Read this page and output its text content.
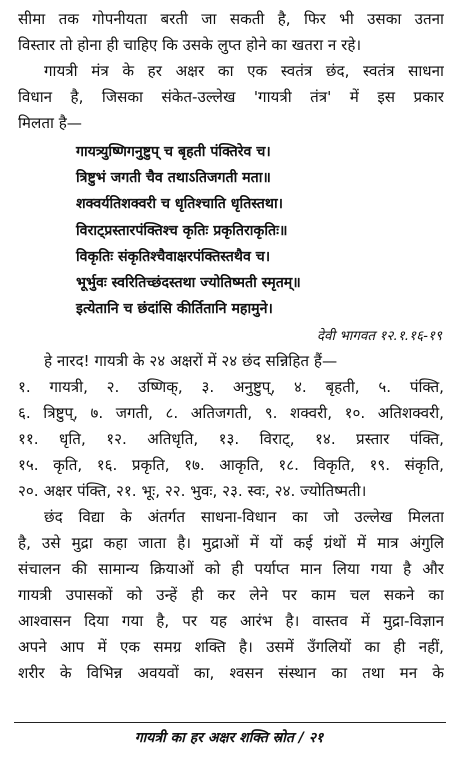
सीमा तक गोपनीयता बरती जा सकती है, फिर भी उसका उतना
विस्तार तो होना ही चाहिए कि उसके लुप्त होने का खतरा न रहे।
गायत्री मंत्र के हर अक्षर का एक स्वतंत्र छंद, स्वतंत्र साधना
विधान है, जिसका संकेत-उल्लेख 'गायत्री तंत्र' में इस प्रकार
मिलता है—
गायत्र्युष्णिगनुष्टुप् च बृहती पंक्तिरेव च।
त्रिष्टुभं जगती चैव तथाऽतिजगती मता॥
शक्वर्यतिशक्वरी च धृतिश्चाति धृतिस्तथा।
विराट्प्रस्तारपंक्तिश्च कृतिः प्रकृतिराकृतिः॥
विकृतिः संकृतिश्चैवाक्षरपंक्तिस्तथैव च।
भूर्भुवः स्वरितिच्छंदस्तथा ज्योतिष्मती स्मृतम्॥
इत्येतानि च छंदांसि कीर्तितानि महामुने।
देवी भागवत १२.१.१६-१९
हे नारद! गायत्री के २४ अक्षरों में २४ छंद सन्निहित हैं—
१. गायत्री, २. उष्णिक्, ३. अनुष्टुप्, ४. बृहती, ५. पंक्ति,
६. त्रिष्टुप्, ७. जगती, ८. अतिजगती, ९. शक्वरी, १०. अतिशक्वरी,
११. धृति, १२. अतिधृति, १३. विराट्, १४. प्रस्तार पंक्ति,
१५. कृति, १६. प्रकृति, १७. आकृति, १८. विकृति, १९. संकृति,
२०. अक्षर पंक्ति, २१. भूः, २२. भुवः, २३. स्वः, २४. ज्योतिष्मती।
छंद विद्या के अंतर्गत साधना-विधान का जो उल्लेख मिलता
है, उसे मुद्रा कहा जाता है। मुद्राओं में यों कई ग्रंथों में मात्र अंगुलि
संचालन की सामान्य क्रियाओं को ही पर्याप्त मान लिया गया है और
गायत्री उपासकों को उन्हें ही कर लेने पर काम चल सकने का
आश्वासन दिया गया है, पर यह आरंभ है। वास्तव में मुद्रा-विज्ञान
अपने आप में एक समग्र शक्ति है। उसमें उँगलियों का ही नहीं,
शरीर के विभिन्न अवयवों का, श्वसन संस्थान का तथा मन के
गायत्री का हर अक्षर शक्ति स्रोत / २१
